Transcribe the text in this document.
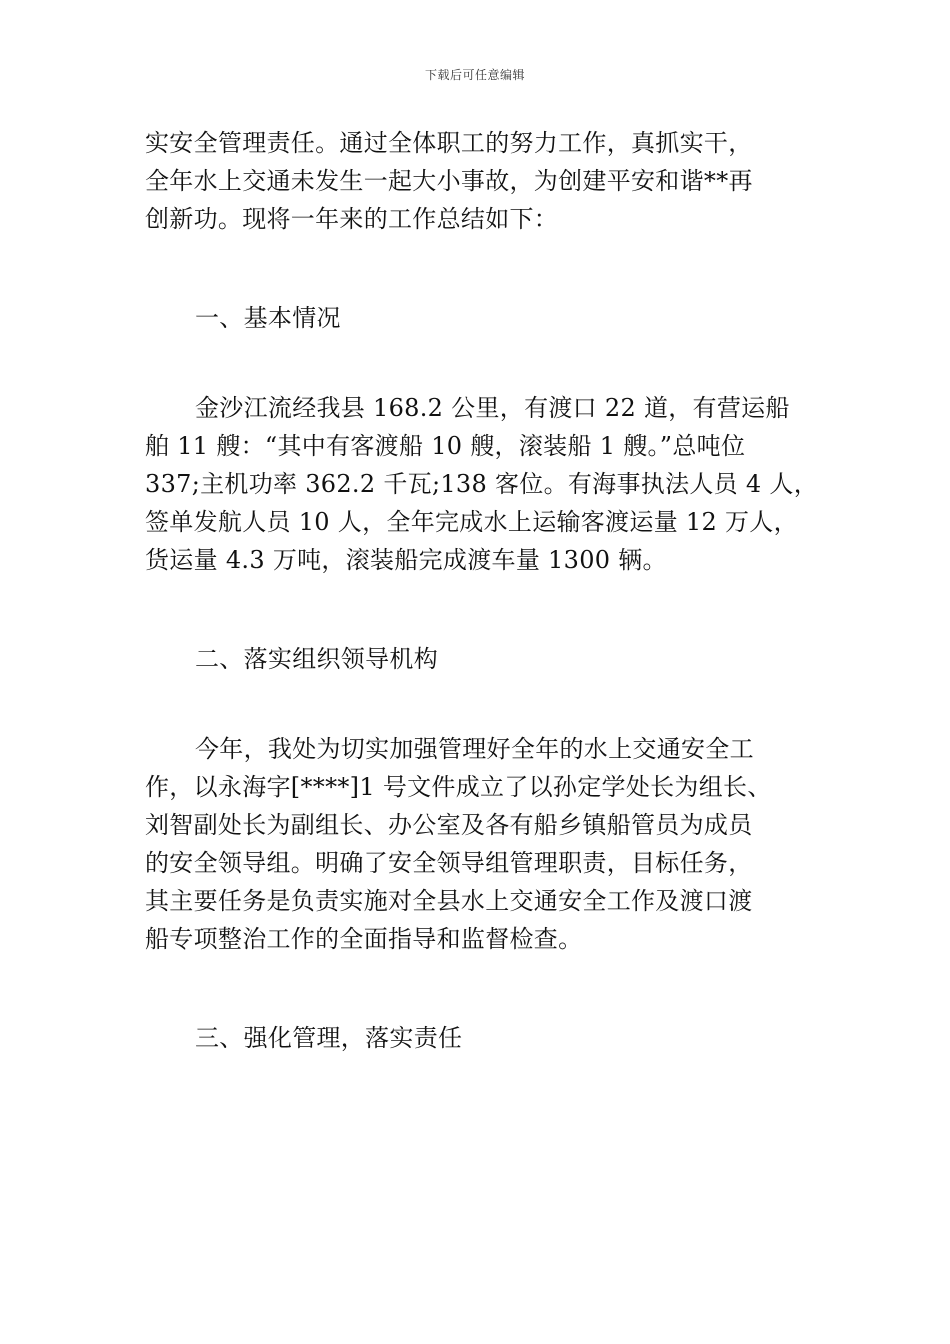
下载后可任意编辑
实安全管理责任。通过全体职工的努力工作，真抓实干，
全年水上交通未发生一起大小事故，为创建平安和谐**再
创新功。现将一年来的工作总结如下：
一、基本情况
金沙江流经我县 168.2 公里，有渡口 22 道，有营运船
舶 11 艘：“其中有客渡船 10 艘，滚装船 1 艘。”总吨位
337;主机功率 362.2 千瓦;138 客位。有海事执法人员 4 人，
签单发航人员 10 人，全年完成水上运输客渡运量 12 万人，
货运量 4.3 万吨，滚装船完成渡车量 1300 辆。
二、落实组织领导机构
今年，我处为切实加强管理好全年的水上交通安全工
作，以永海字[****]1 号文件成立了以孙定学处长为组长、
刘智副处长为副组长、办公室及各有船乡镇船管员为成员
的安全领导组。明确了安全领导组管理职责，目标任务，
其主要任务是负责实施对全县水上交通安全工作及渡口渡
船专项整治工作的全面指导和监督检查。
三、强化管理，落实责任
